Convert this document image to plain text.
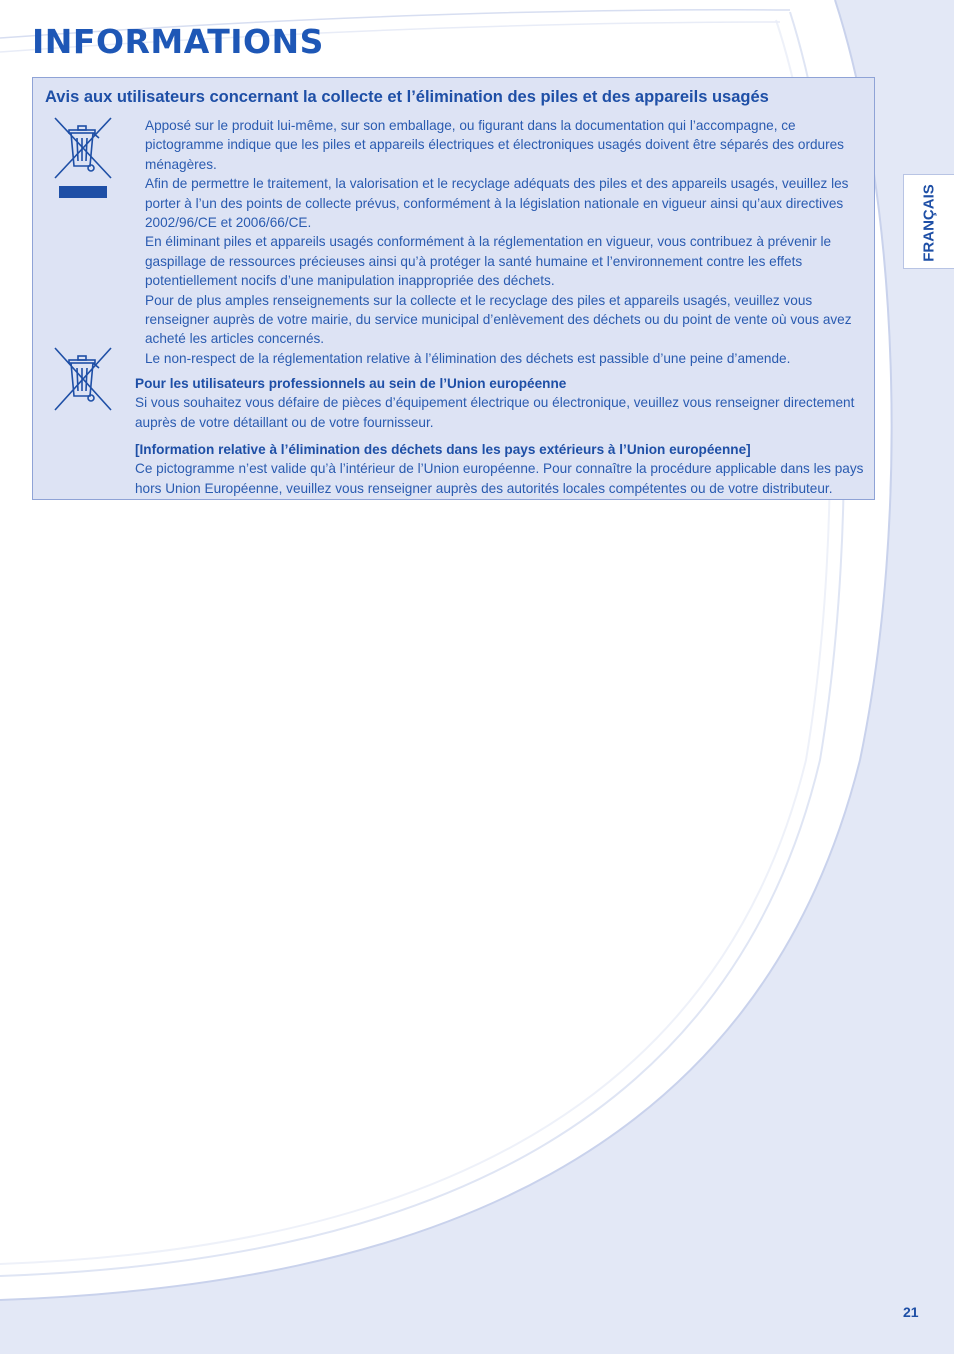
INFORMATIONS
Avis aux utilisateurs concernant la collecte et l’élimination des piles et des appareils usagés

Apposé sur le produit lui-même, sur son emballage, ou figurant dans la documentation qui l’accompagne, ce pictogramme indique que les piles et appareils électriques et électroniques usagés doivent être séparés des ordures ménagères.

Afin de permettre le traitement, la valorisation et le recyclage adéquats des piles et des appareils usagés, veuillez les porter à l’un des points de collecte prévus, conformément à la législation nationale en vigueur ainsi qu’aux directives 2002/96/CE et 2006/66/CE.

En éliminant piles et appareils usagés conformément à la réglementation en vigueur, vous contribuez à prévenir le gaspillage de ressources précieuses ainsi qu’à protéger la santé humaine et l’environnement contre les effets potentiellement nocifs d’une manipulation inappropriée des déchets.

Pour de plus amples renseignements sur la collecte et le recyclage des piles et appareils usagés, veuillez vous renseigner auprès de votre mairie, du service municipal d’enlèvement des déchets ou du point de vente où vous avez acheté les articles concernés.

Le non-respect de la réglementation relative à l’élimination des déchets est passible d’une peine d’amende.

Pour les utilisateurs professionnels au sein de l’Union européenne

Si vous souhaitez vous défaire de pièces d’équipement électrique ou électronique, veuillez vous renseigner directement auprès de votre détaillant ou de votre fournisseur.

[Information relative à l’élimination des déchets dans les pays extérieurs à l’Union européenne]

Ce pictogramme n’est valide qu’à l’intérieur de l’Union européenne. Pour connaître la procédure applicable dans les pays hors Union Européenne, veuillez vous renseigner auprès des autorités locales compétentes ou de votre distributeur.

FRANÇAIS
21
